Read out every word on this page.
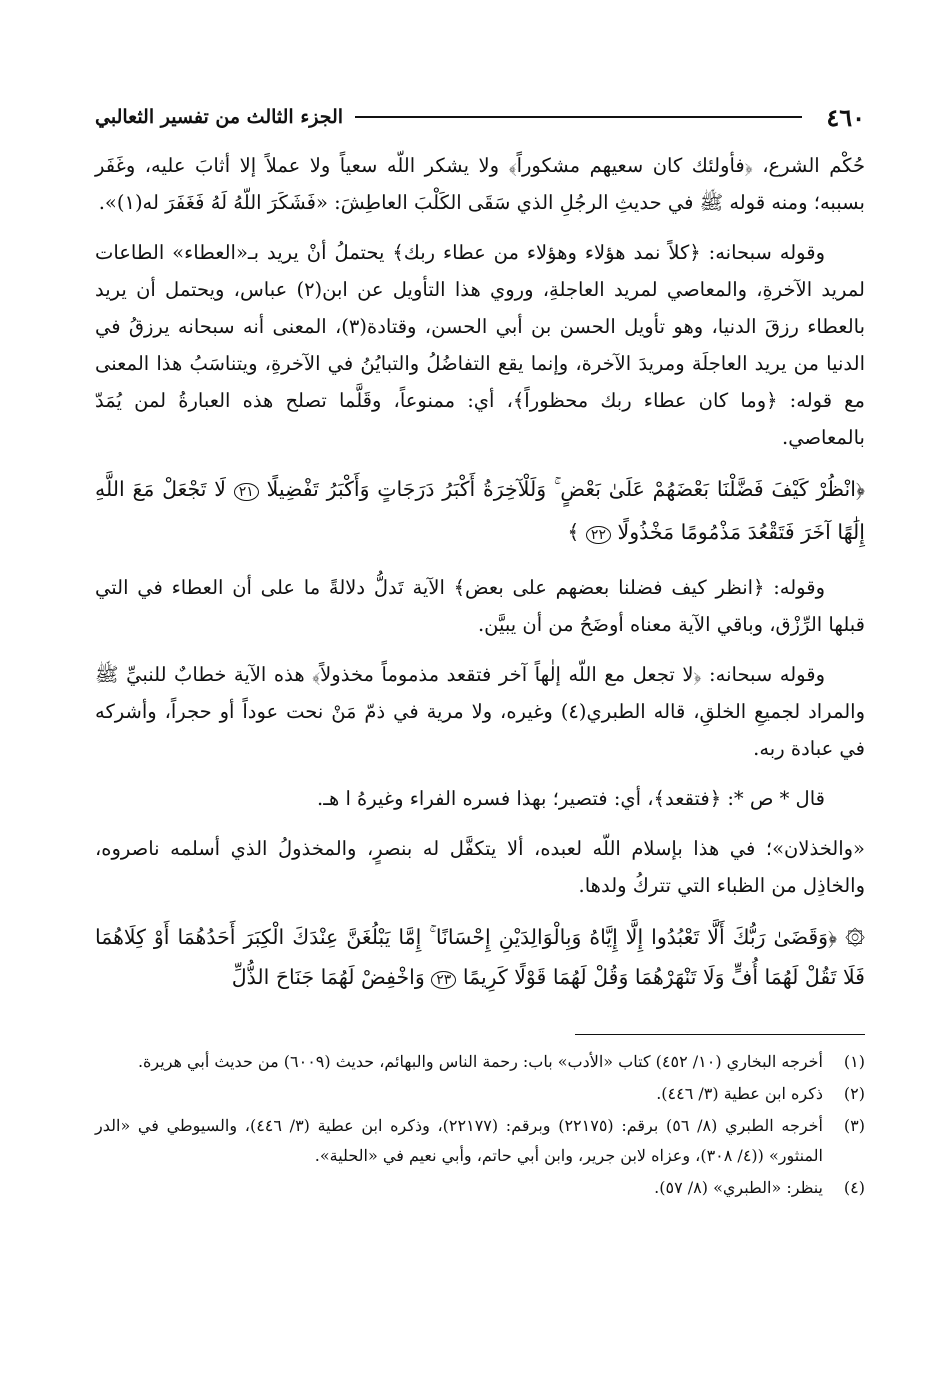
٤٦٠
الجزء الثالث من تفسير الثعالبي

حُكْم الشرع، ﴿فأولئك كان سعيهم مشكوراً﴾ ولا يشكر اللّه سعياً ولا عملاً إلا أثابَ عليه، وغَفَر بسببه؛ ومنه قوله ﷺ في حديثِ الرجُلِ الذي سَقَى الكَلْبَ العاطِشَ: «فَشَكَرَ اللّهُ لَهُ فَغَفَرَ له(١)».

وقوله سبحانه: ﴿كلاً نمد هؤلاء وهؤلاء من عطاء ربك﴾ يحتملُ أنْ يريد بـ«العطاء» الطاعات لمريد الآخرةِ، والمعاصي لمريد العاجلةِ، وروي هذا التأويل عن ابن(٢) عباس، ويحتمل أن يريد بالعطاء رزقَ الدنيا، وهو تأويل الحسن بن أبي الحسن، وقتادة(٣)، المعنى أنه سبحانه يرزقُ في الدنيا من يريد العاجلَة ومريدَ الآخرة، وإنما يقع التفاضُلُ والتبايُنُ في الآخرةِ، ويتناسَبُ هذا المعنى مع قوله: ﴿وما كان عطاء ربك محظوراً﴾، أي: ممنوعاً، وقَلَّما تصلح هذه العبارةُ لمن يُمَدّ بالمعاصي.

﴿انْظُرْ كَيْفَ فَضَّلْنَا بَعْضَهُمْ عَلَىٰ بَعْضٍ ۚ وَلَلْآخِرَةُ أَكْبَرُ دَرَجَاتٍ وَأَكْبَرُ تَفْضِيلًا ٢١ لَا تَجْعَلْ مَعَ اللَّهِ إِلَٰهًا آخَرَ فَتَقْعُدَ مَذْمُومًا مَخْذُولًا ٢٢ ﴾

وقوله: ﴿انظر كيف فضلنا بعضهم على بعض﴾ الآية تَدلُّ دلالةً ما على أن العطاء في التي قبلها الرِّزْق، وباقي الآية معناه أوضَحُ من أن يبيَّن.

وقوله سبحانه: ﴿لا تجعل مع اللّه إلٰهاً آخر فتقعد مذموماً مخذولاً﴾ هذه الآية خطابٌ للنبيِّ ﷺ والمراد لجميعِ الخلقِ، قاله الطبري(٤) وغيره، ولا مرية في ذمّ مَنْ نحت عوداً أو حجراً، وأشركه في عبادة ربه.

قال * ص *: ﴿فتقعد﴾، أي: فتصير؛ بهذا فسره الفراء وغيرهُ ا هـ.

«والخذلان»؛ في هذا بإسلام اللّه لعبده، ألا يتكفَّل له بنصرٍ، والمخذولُ الذي أسلمه ناصروه، والخاذِل من الظباء التي تتركُ ولدها.

۞ ﴿وَقَضَىٰ رَبُّكَ أَلَّا تَعْبُدُوا إِلَّا إِيَّاهُ وَبِالْوَالِدَيْنِ إِحْسَانًا ۚ إِمَّا يَبْلُغَنَّ عِنْدَكَ الْكِبَرَ أَحَدُهُمَا أَوْ كِلَاهُمَا فَلَا تَقُلْ لَهُمَا أُفٍّ وَلَا تَنْهَرْهُمَا وَقُلْ لَهُمَا قَوْلًا كَرِيمًا ٢٣ وَاخْفِضْ لَهُمَا جَنَاحَ الذُّلِّ

(١)
أخرجه البخاري (١٠/ ٤٥٢) كتاب «الأدب» باب: رحمة الناس والبهائم، حديث (٦٠٠٩) من حديث أبي هريرة.
(٢)
ذكره ابن عطية (٣/ ٤٤٦).
(٣)
أخرجه الطبري (٨/ ٥٦) برقم: (٢٢١٧٥) وبرقم: (٢٢١٧٧)، وذكره ابن عطية (٣/ ٤٤٦)، والسيوطي في «الدر المنثور» ((٤/ ٣٠٨)، وعزاه لابن جرير، وابن أبي حاتم، وأبي نعيم في «الحلية».
(٤)
ينظر: «الطبري» (٨/ ٥٧).
